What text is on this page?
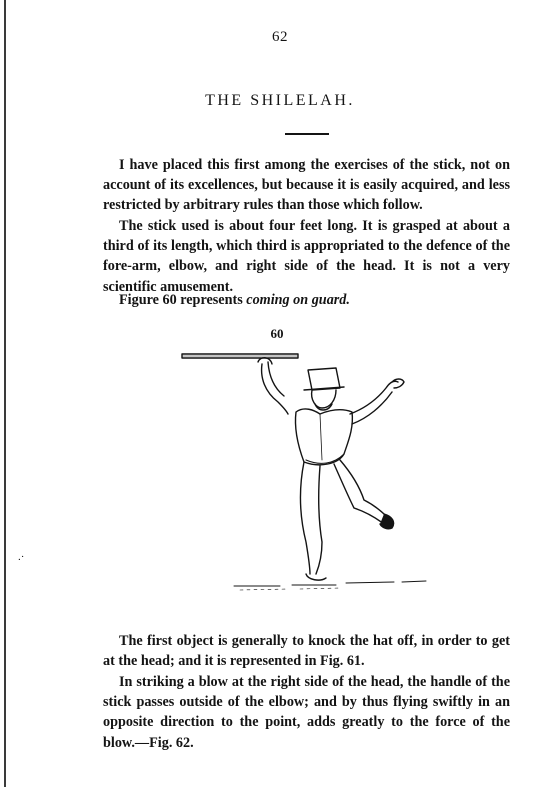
62
THE SHILELAH.

I have placed this first among the exercises of the stick, not on account of its excellences, but because it is easily acquired, and less restricted by arbitrary rules than those which follow.

The stick used is about four feet long. It is grasped at about a third of its length, which third is appropriated to the defence of the fore-arm, elbow, and right side of the head. It is not a very scientific amusement.

Figure 60 represents coming on guard.

60

The first object is generally to knock the hat off, in order to get at the head; and it is represented in Fig. 61.

In striking a blow at the right side of the head, the handle of the stick passes outside of the elbow; and by thus flying swiftly in an opposite direction to the point, adds greatly to the force of the blow.—Fig. 62.

.·
